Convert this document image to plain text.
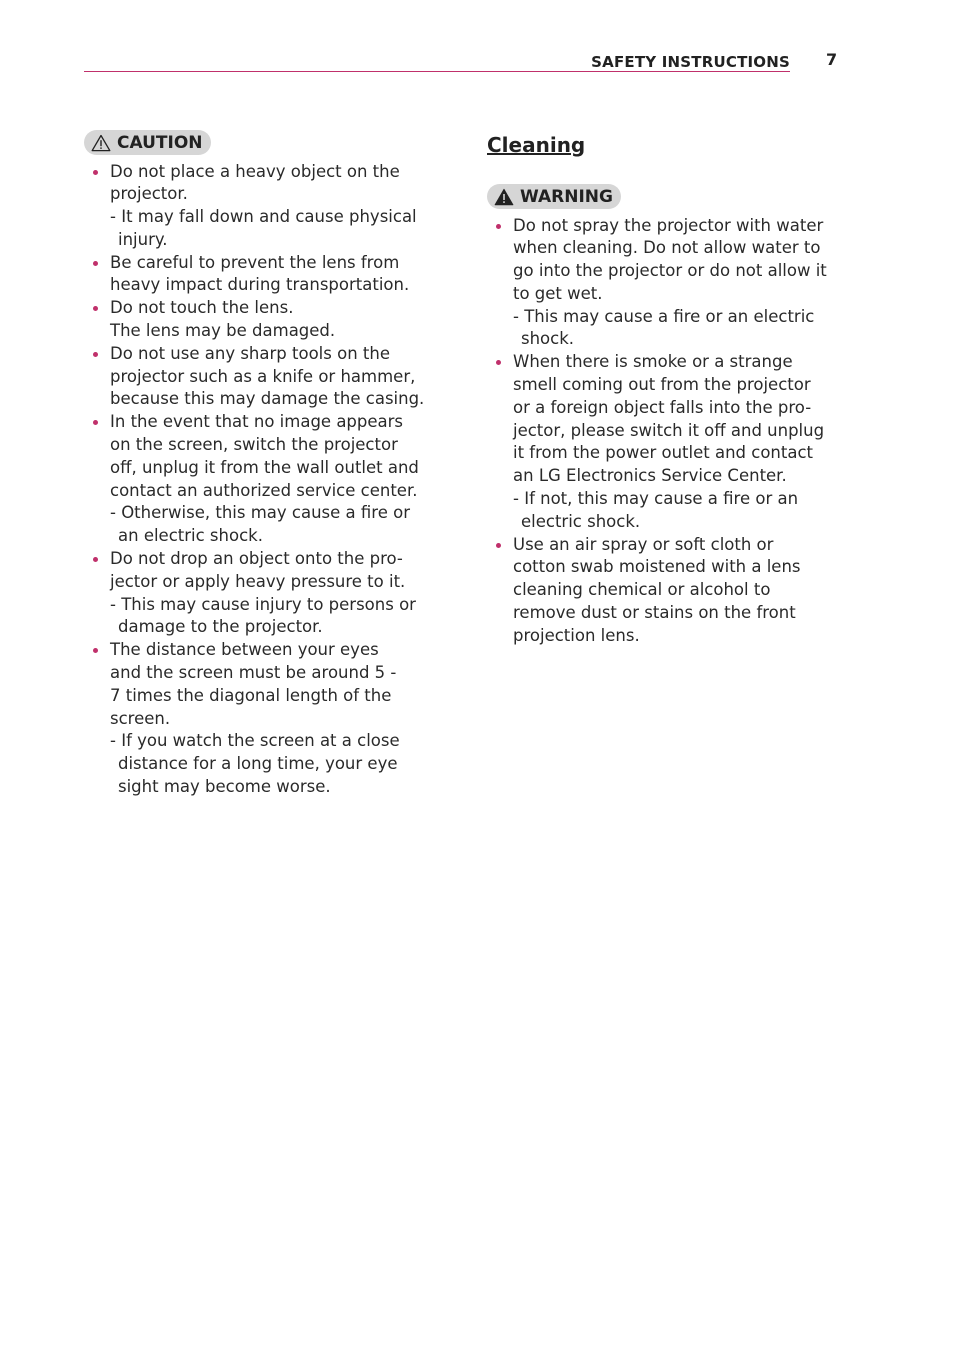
SAFETY INSTRUCTIONS 7
CAUTION
Do not place a heavy object on the
projector.
- It may fall down and cause physical
injury.
Be careful to prevent the lens from
heavy impact during transportation.
Do not touch the lens.
The lens may be damaged.
Do not use any sharp tools on the
projector such as a knife or hammer,
because this may damage the casing.
In the event that no image appears
on the screen, switch the projector
off, unplug it from the wall outlet and
contact an authorized service center.
- Otherwise, this may cause a fire or
an electric shock.
Do not drop an object onto the pro-
jector or apply heavy pressure to it.
- This may cause injury to persons or
damage to the projector.
The distance between your eyes
and the screen must be around 5 -
7 times the diagonal length of the
screen.
- If you watch the screen at a close
distance for a long time, your eye
sight may become worse.
Cleaning
WARNING
Do not spray the projector with water
when cleaning. Do not allow water to
go into the projector or do not allow it
to get wet.
- This may cause a fire or an electric
shock.
When there is smoke or a strange
smell coming out from the projector
or a foreign object falls into the pro-
jector, please switch it off and unplug
it from the power outlet and contact
an LG Electronics Service Center.
- If not, this may cause a fire or an
electric shock.
Use an air spray or soft cloth or
cotton swab moistened with a lens
cleaning chemical or alcohol to
remove dust or stains on the front
projection lens.
